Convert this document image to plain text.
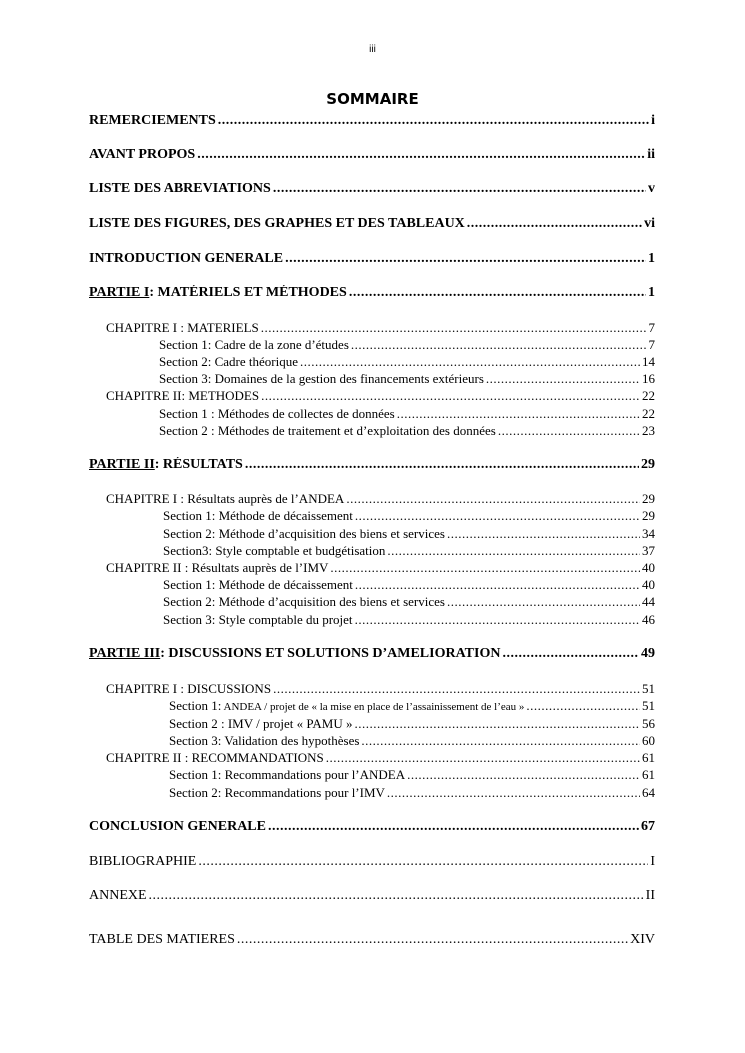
iii
SOMMAIRE
REMERCIEMENTS .....	i
AVANT PROPOS .....	ii
LISTE DES ABREVIATIONS .....	v
LISTE DES FIGURES, DES GRAPHES ET DES TABLEAUX .....	vi
INTRODUCTION GENERALE .....	1
PARTIE I: MATÉRIELS ET MÉTHODES .....	1
CHAPITRE I : MATERIELS .....	7
Section 1: Cadre de la zone d’études .....	7
Section 2: Cadre théorique .....	14
Section 3: Domaines de la gestion des financements extérieurs .....	16
CHAPITRE II: METHODES .....	22
Section 1 : Méthodes de collectes de données .....	22
Section 2 : Méthodes de traitement et d’exploitation des données .....	23
PARTIE II: RÉSULTATS .....	29
CHAPITRE I : Résultats auprès de l’ANDEA .....	29
Section 1: Méthode de décaissement .....	29
Section 2: Méthode d’acquisition des biens et services .....	34
Section3: Style comptable et budgétisation .....	37
CHAPITRE II : Résultats auprès de l’IMV .....	40
Section 1: Méthode de décaissement .....	40
Section 2: Méthode d’acquisition des biens et services .....	44
Section 3: Style comptable du projet .....	46
PARTIE III: DISCUSSIONS ET SOLUTIONS D’AMELIORATION .....	49
CHAPITRE I : DISCUSSIONS .....	51
Section 1: ANDEA / projet de « la mise en place de l’assainissement de l’eau » .....	51
Section 2 : IMV / projet « PAMU » .....	56
Section 3: Validation des hypothèses .....	60
CHAPITRE II : RECOMMANDATIONS .....	61
Section 1: Recommandations pour l’ANDEA .....	61
Section 2: Recommandations pour l’IMV .....	64
CONCLUSION GENERALE .....	67
BIBLIOGRAPHIE .....	I
ANNEXE .....	II
TABLE DES MATIERES .....	XIV
